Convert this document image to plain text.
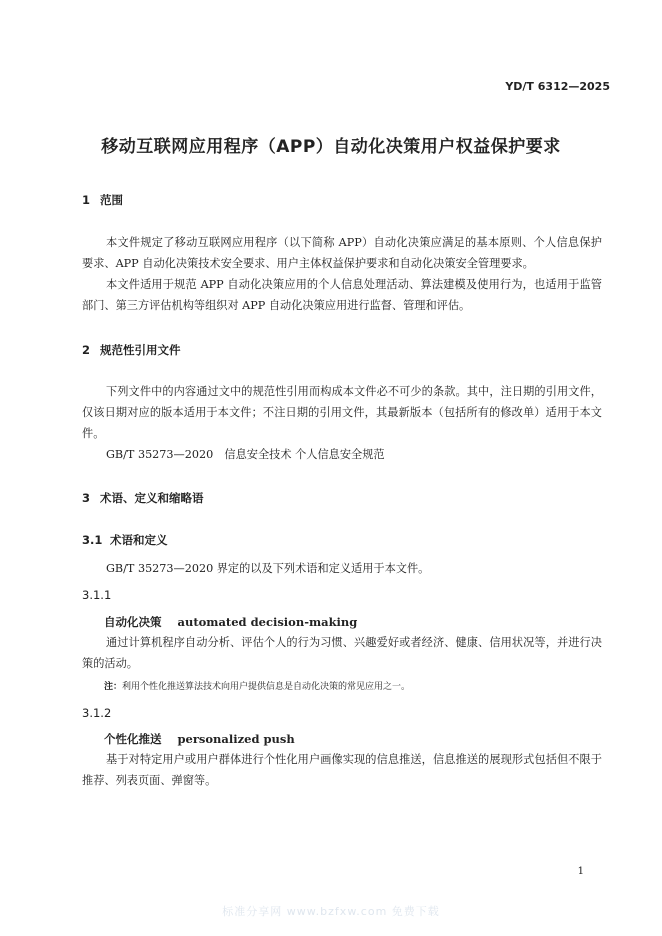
YD/T 6312—2025
移动互联网应用程序（APP）自动化决策用户权益保护要求
1 范围
本文件规定了移动互联网应用程序（以下简称 APP）自动化决策应满足的基本原则、个人信息保护要求、APP 自动化决策技术安全要求、用户主体权益保护要求和自动化决策安全管理要求。
本文件适用于规范 APP 自动化决策应用的个人信息处理活动、算法建模及使用行为，也适用于监管部门、第三方评估机构等组织对 APP 自动化决策应用进行监督、管理和评估。
2 规范性引用文件
下列文件中的内容通过文中的规范性引用而构成本文件必不可少的条款。其中，注日期的引用文件，仅该日期对应的版本适用于本文件；不注日期的引用文件，其最新版本（包括所有的修改单）适用于本文件。
GB/T 35273—2020　信息安全技术 个人信息安全规范
3 术语、定义和缩略语
3.1 术语和定义
GB/T 35273—2020 界定的以及下列术语和定义适用于本文件。
3.1.1
自动化决策 automated decision-making
通过计算机程序自动分析、评估个人的行为习惯、兴趣爱好或者经济、健康、信用状况等，并进行决策的活动。
注：利用个性化推送算法技术向用户提供信息是自动化决策的常见应用之一。
3.1.2
个性化推送 personalized push
基于对特定用户或用户群体进行个性化用户画像实现的信息推送，信息推送的展现形式包括但不限于推荐、列表页面、弹窗等。
1
标准分享网 www.bzfxw.com 免费下载
